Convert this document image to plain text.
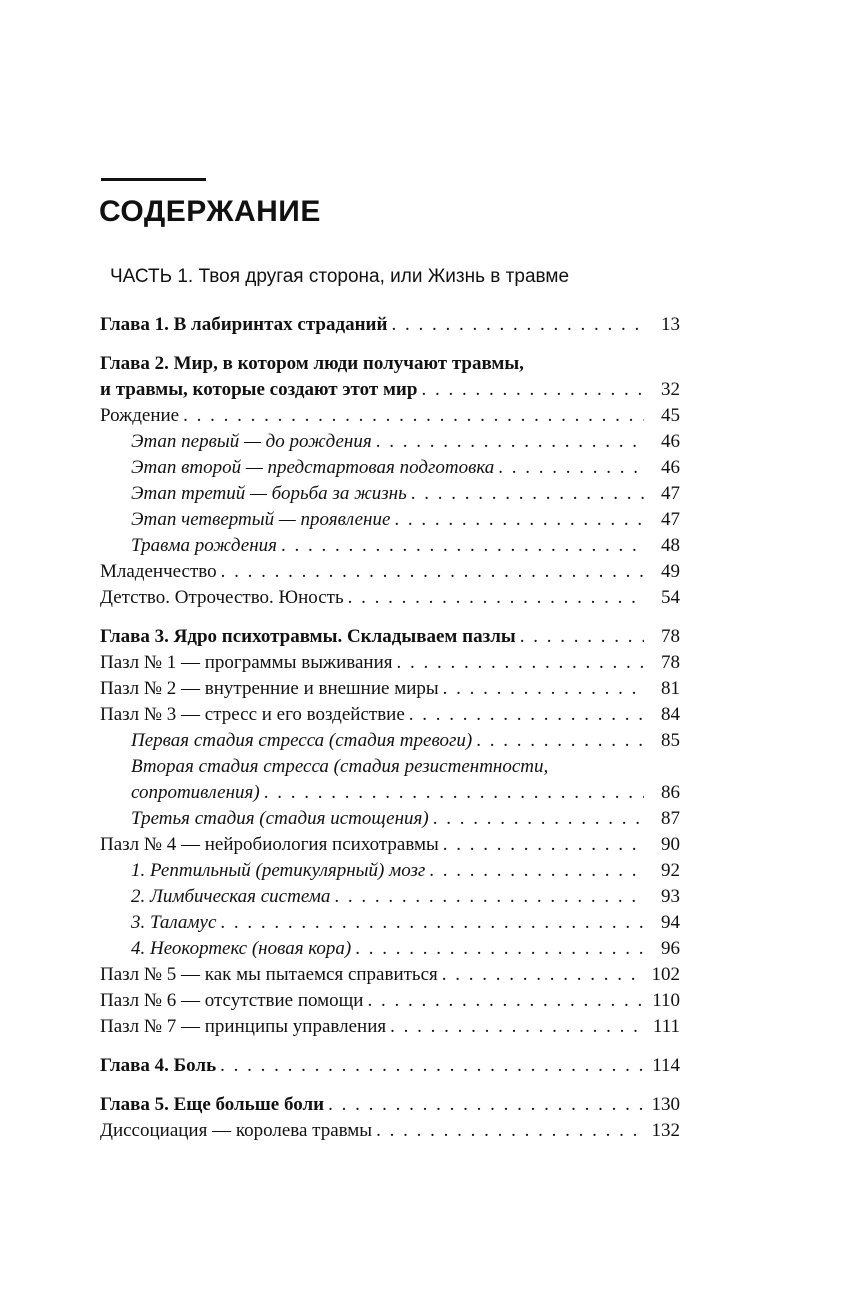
СОДЕРЖАНИЕ
ЧАСТЬ 1. Твоя другая сторона, или Жизнь в травме
Глава 1. В лабиринтах страданий . . .	13
Глава 2. Мир, в котором люди получают травмы,
и травмы, которые создают этот мир . . .	32
Рождение . . .	45
Этап первый — до рождения . . .	46
Этап второй — предстартовая подготовка . . .	46
Этап третий — борьба за жизнь . . .	47
Этап четвертый — проявление . . .	47
Травма рождения . . .	48
Младенчество . . .	49
Детство. Отрочество. Юность . . .	54
Глава 3. Ядро психотравмы. Складываем пазлы . . .	78
Пазл № 1 — программы выживания . . .	78
Пазл № 2 — внутренние и внешние миры . . .	81
Пазл № 3 — стресс и его воздействие . . .	84
Первая стадия стресса (стадия тревоги) . . .	85
Вторая стадия стресса (стадия резистентности,
сопротивления) . . .	86
Третья стадия (стадия истощения) . . .	87
Пазл № 4 — нейробиология психотравмы . . .	90
1. Рептильный (ретикулярный) мозг . . .	92
2. Лимбическая система . . .	93
3. Таламус . . .	94
4. Неокортекс (новая кора) . . .	96
Пазл № 5 — как мы пытаемся справиться . . .	102
Пазл № 6 — отсутствие помощи . . .	110
Пазл № 7 — принципы управления . . .	111
Глава 4. Боль . . .	114
Глава 5. Еще больше боли . . .	130
Диссоциация — королева травмы . . .	132
